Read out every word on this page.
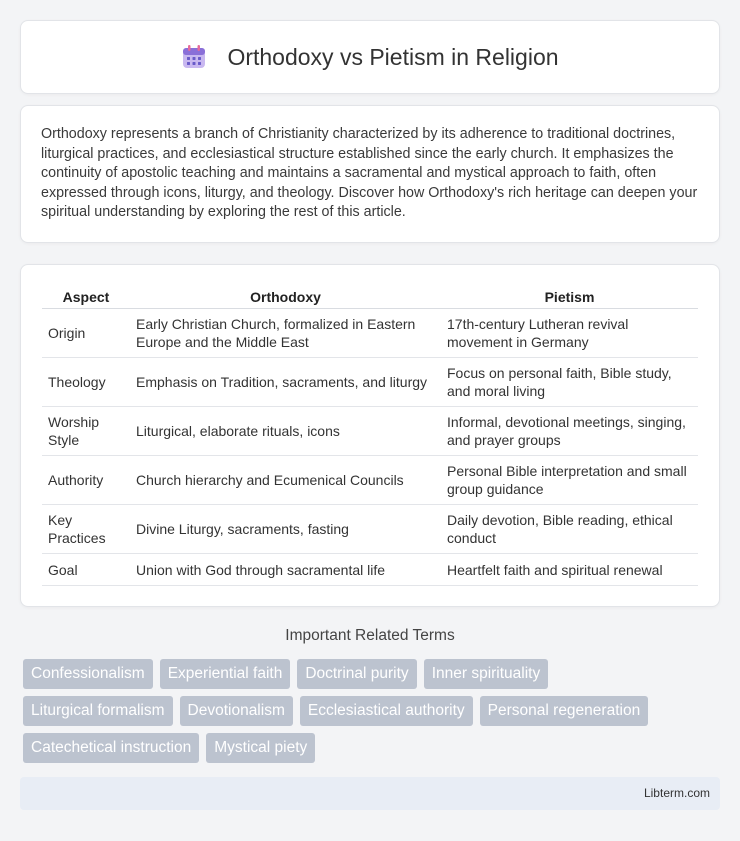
Orthodoxy vs Pietism in Religion

Orthodoxy represents a branch of Christianity characterized by its adherence to traditional doctrines, liturgical practices, and ecclesiastical structure established since the early church. It emphasizes the continuity of apostolic teaching and maintains a sacramental and mystical approach to faith, often expressed through icons, liturgy, and theology. Discover how Orthodoxy's rich heritage can deepen your spiritual understanding by exploring the rest of this article.

Aspect	Orthodoxy	Pietism
Origin	Early Christian Church, formalized in Eastern Europe and the Middle East	17th-century Lutheran revival movement in Germany
Theology	Emphasis on Tradition, sacraments, and liturgy	Focus on personal faith, Bible study, and moral living
Worship Style	Liturgical, elaborate rituals, icons	Informal, devotional meetings, singing, and prayer groups
Authority	Church hierarchy and Ecumenical Councils	Personal Bible interpretation and small group guidance
Key Practices	Divine Liturgy, sacraments, fasting	Daily devotion, Bible reading, ethical conduct
Goal	Union with God through sacramental life	Heartfelt faith and spiritual renewal
Important Related Terms
Confessionalism	Experiential faith	Doctrinal purity	Inner spirituality
Liturgical formalism	Devotionalism	Ecclesiastical authority	Personal regeneration
Catechetical instruction	Mystical piety
Libterm.com
